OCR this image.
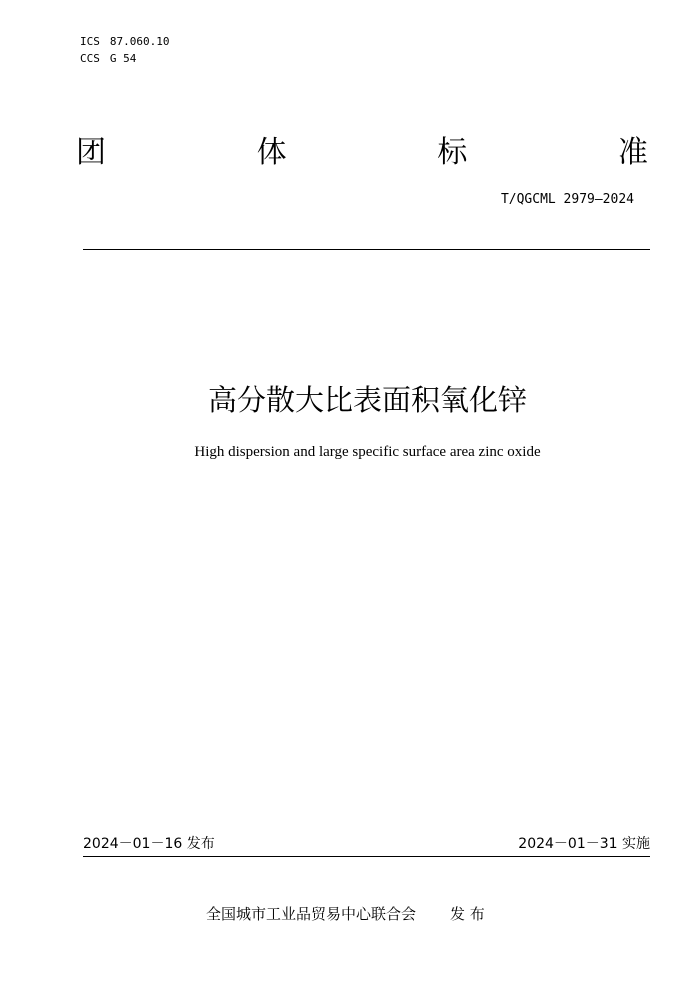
ICS 87.060.10
CCS G 54
团	体	标	准
T/QGCML 2979—2024
高分散大比表面积氧化锌
High dispersion and large specific surface area zinc oxide
2024－01－16 发布	2024－01－31 实施
全国城市工业品贸易中心联合会 发 布
